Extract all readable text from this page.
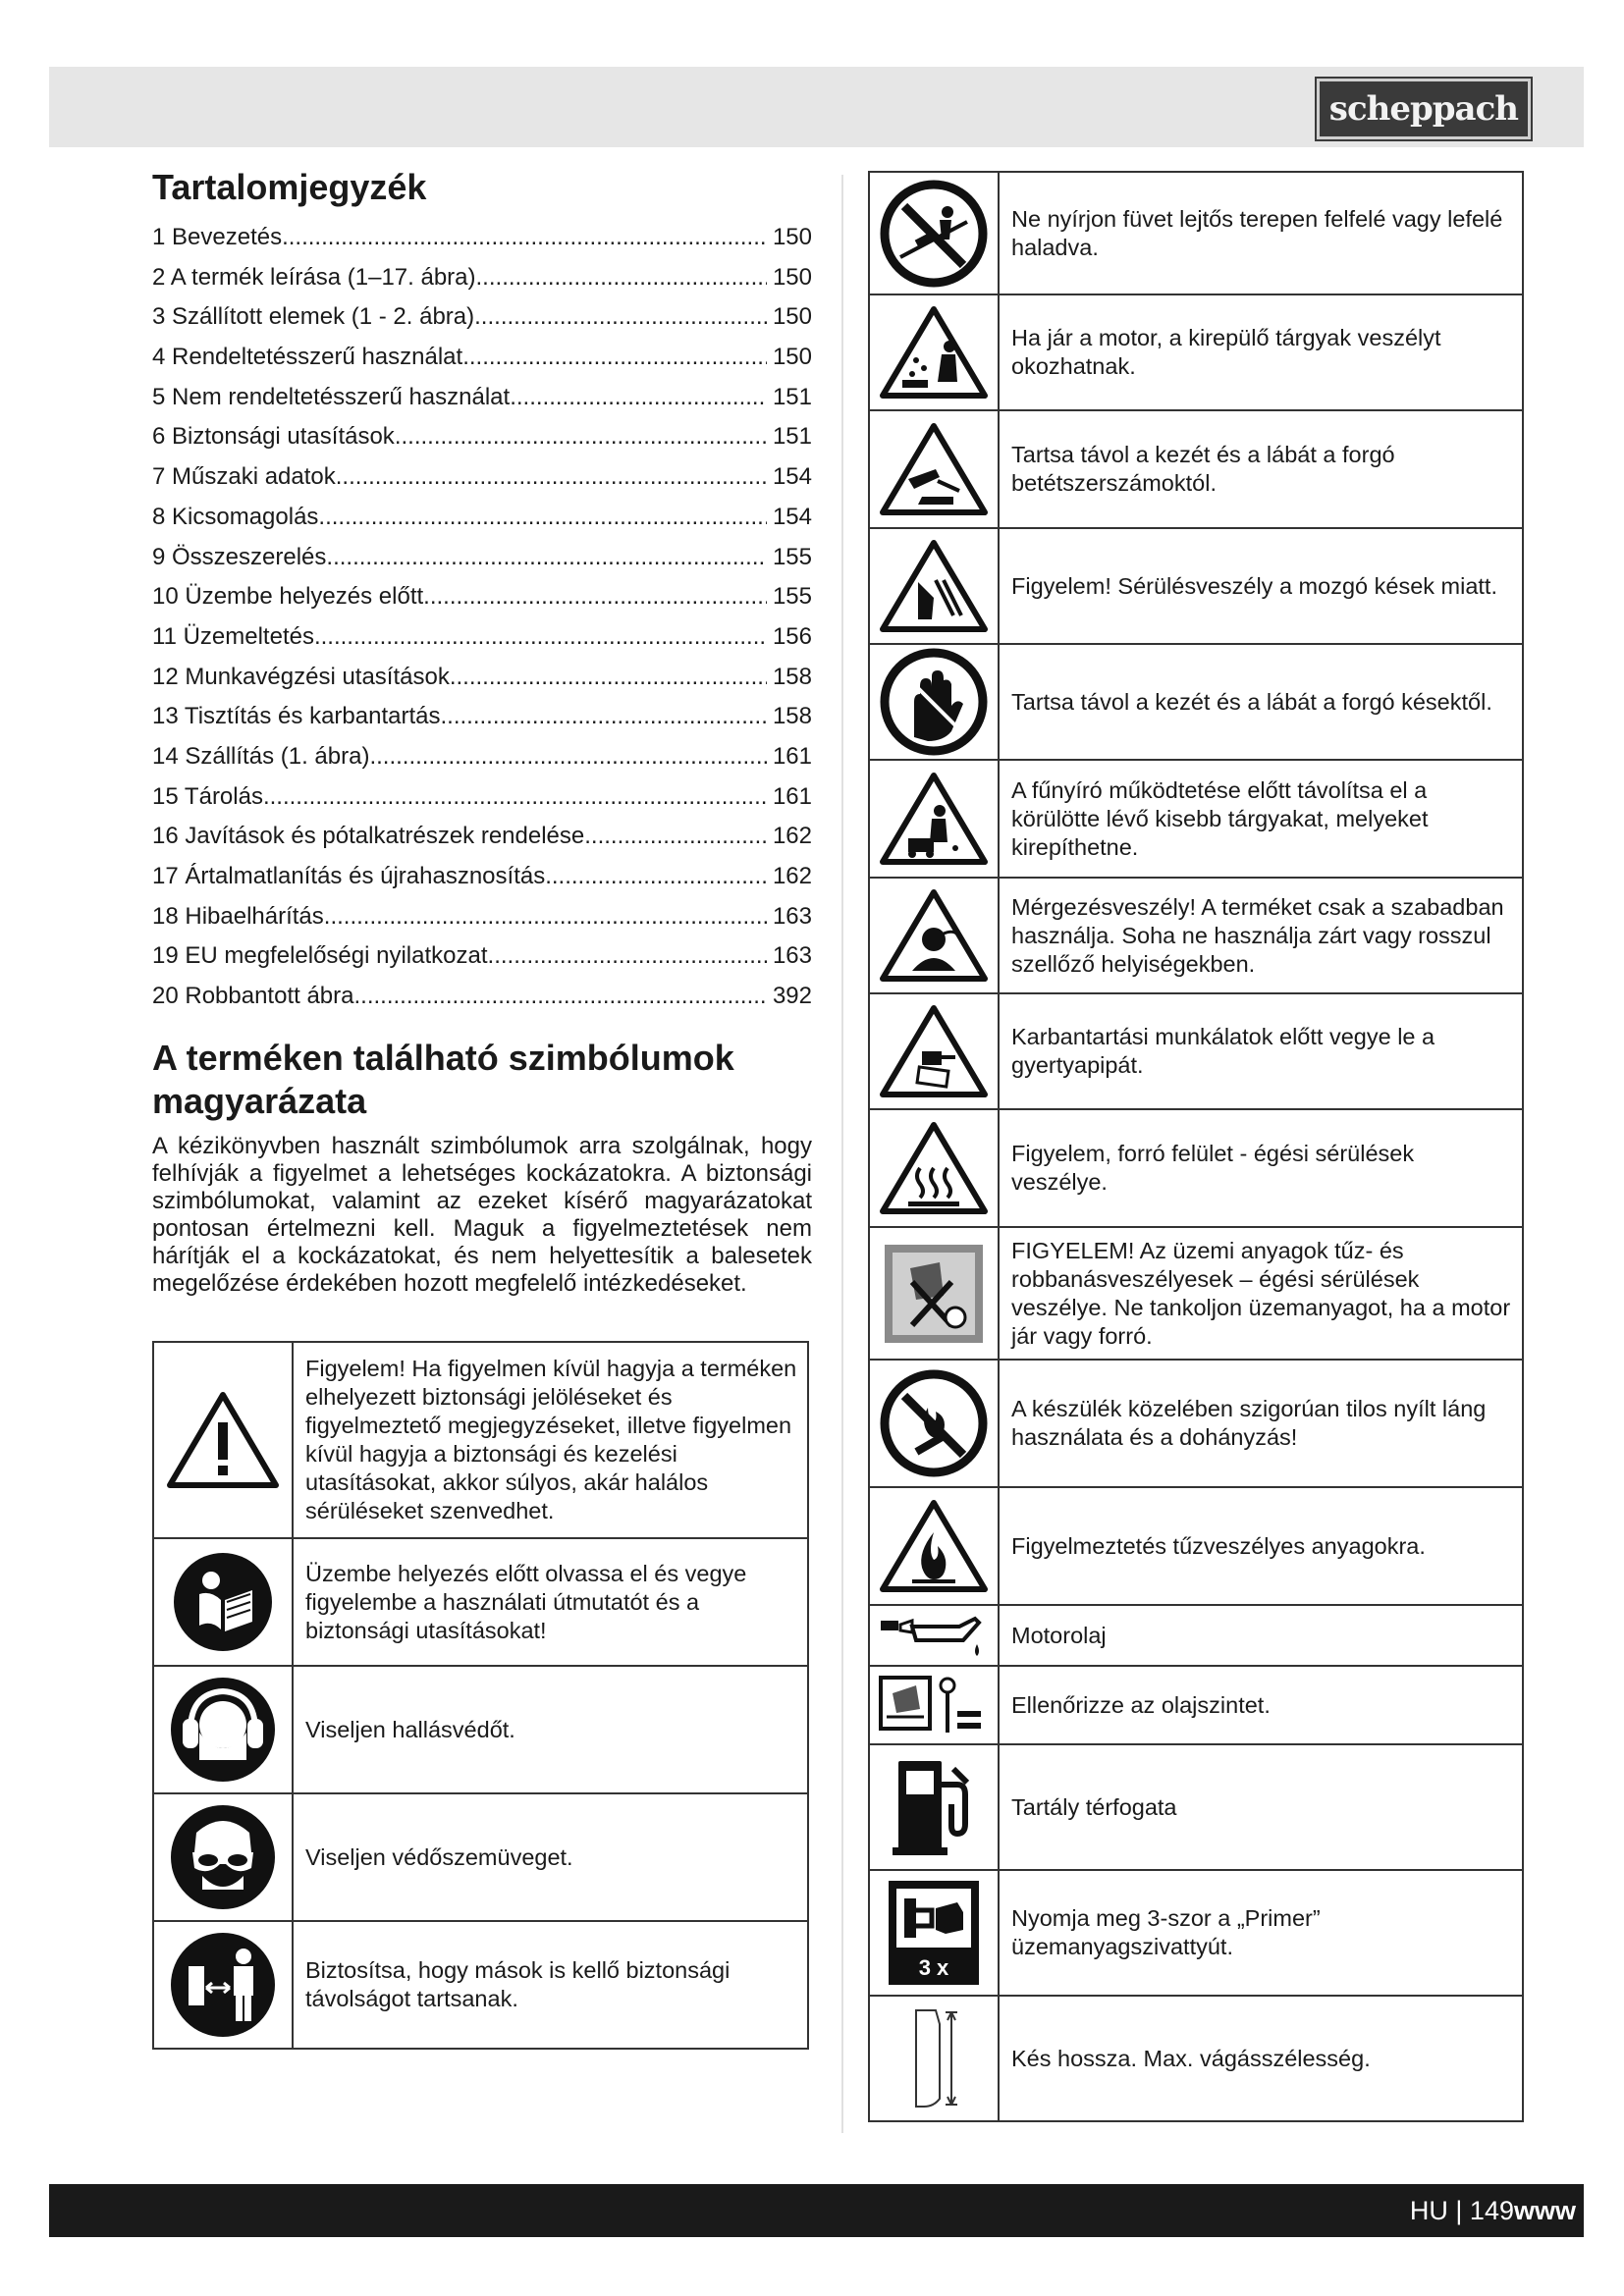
scheppach
Tartalomjegyzék
1 Bevezetés .....	150
2 A termék leírása (1–17. ábra) .....	150
3 Szállított elemek (1 - 2. ábra) .....	150
4 Rendeltetésszerű használat .....	150
5 Nem rendeltetésszerű használat .....	151
6 Biztonsági utasítások .....	151
7 Műszaki adatok .....	154
8 Kicsomagolás .....	154
9 Összeszerelés .....	155
10 Üzembe helyezés előtt .....	155
11 Üzemeltetés .....	156
12 Munkavégzési utasítások .....	158
13 Tisztítás és karbantartás .....	158
14 Szállítás (1. ábra) .....	161
15 Tárolás .....	161
16 Javítások és pótalkatrészek rendelése .....	162
17 Ártalmatlanítás és újrahasznosítás .....	162
18 Hibaelhárítás .....	163
19 EU megfelelőségi nyilatkozat .....	163
20 Robbantott ábra .....	392
A terméken található szimbólumok magyarázata

A kézikönyvben használt szimbólumok arra szolgálnak, hogy felhívják a figyelmet a lehetséges kockázatokra. A biztonsági szimbólumokat, valamint az ezeket kísérő magyarázatokat pontosan értelmezni kell. Maguk a figyelmeztetések nem hárítják el a kockázatokat, és nem helyettesítik a balesetek megelőzése érdekében hozott megfelelő intézkedéseket.

	Figyelem! Ha figyelmen kívül hagyja a terméken elhelyezett biztonsági jelöléseket és figyelmeztető megjegyzéseket, illetve figyelmen kívül hagyja a biztonsági és kezelési utasításokat, akkor súlyos, akár halálos sérüléseket szenvedhet.

	Üzembe helyezés előtt olvassa el és vegye figyelembe a használati útmutatót és a biztonsági utasításokat!

	Viseljen hallásvédőt.

	Viseljen védőszemüveget.

	Biztosítsa, hogy mások is kellő biztonsági távolságot tartsanak.
	Ne nyírjon füvet lejtős terepen felfelé vagy lefelé haladva.

	Ha jár a motor, a kirepülő tárgyak veszélyt okozhatnak.

	Tartsa távol a kezét és a lábát a forgó betétszerszámoktól.

	Figyelem! Sérülésveszély a mozgó kések miatt.

	Tartsa távol a kezét és a lábát a forgó késektől.

	A fűnyíró működtetése előtt távolítsa el a körülötte lévő kisebb tárgyakat, melyeket kirepíthetne.

	Mérgezésveszély! A terméket csak a szabadban használja. Soha ne használja zárt vagy rosszul szellőző helyiségekben.

	Karbantartási munkálatok előtt vegye le a gyertyapipát.

	Figyelem, forró felület - égési sérülések veszélye.

	FIGYELEM! Az üzemi anyagok tűz- és robbanásveszélyesek – égési sérülések veszélye. Ne tankoljon üzemanyagot, ha a motor jár vagy forró.

	A készülék közelében szigorúan tilos nyílt láng használata és a dohányzás!

	Figyelmeztetés tűzveszélyes anyagokra.

	Motorolaj

	Ellenőrizze az olajszintet.

	Tartály térfogata

3 x	Nyomja meg 3-szor a „Primer” üzemanyagszivattyút.

	Kés hossza. Max. vágásszélesség.
HU | 149www
